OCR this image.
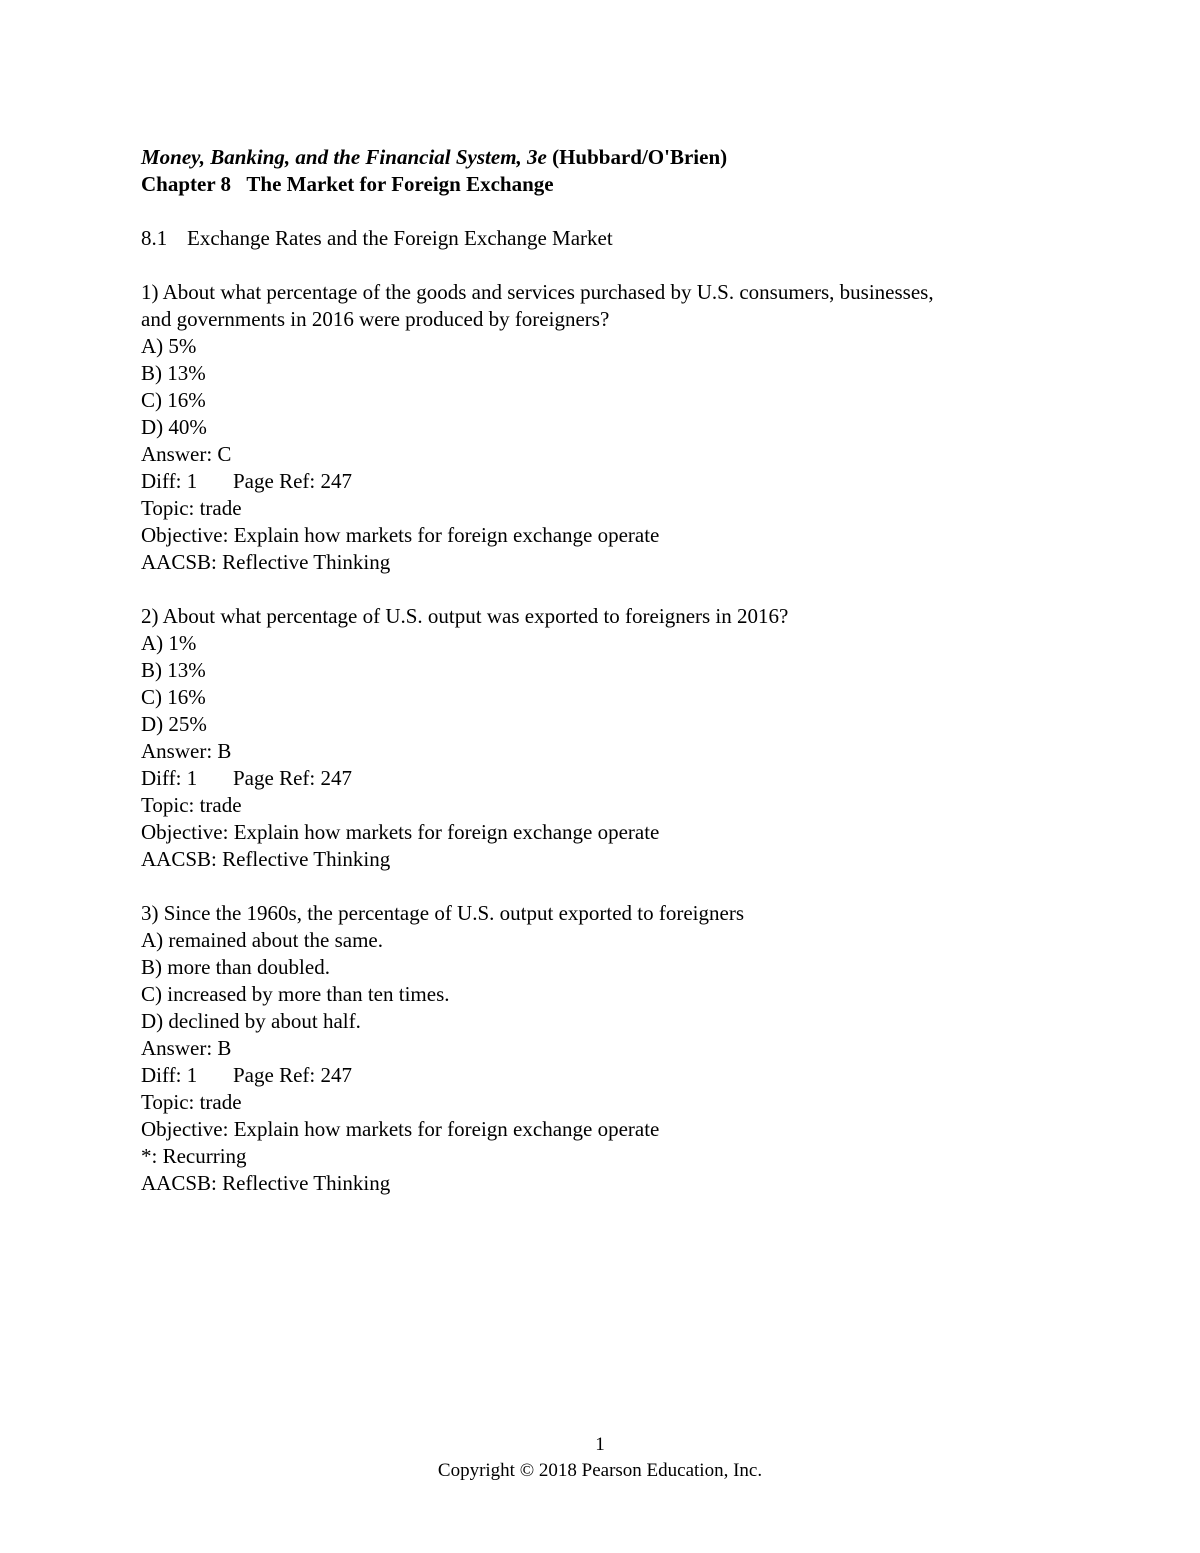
Money, Banking, and the Financial System, 3e (Hubbard/O'Brien)
Chapter 8 The Market for Foreign Exchange
8.1 Exchange Rates and the Foreign Exchange Market
1) About what percentage of the goods and services purchased by U.S. consumers, businesses,
and governments in 2016 were produced by foreigners?
A) 5%
B) 13%
C) 16%
D) 40%
Answer: C
Diff: 1 Page Ref: 247
Topic: trade
Objective: Explain how markets for foreign exchange operate
AACSB: Reflective Thinking
2) About what percentage of U.S. output was exported to foreigners in 2016?
A) 1%
B) 13%
C) 16%
D) 25%
Answer: B
Diff: 1 Page Ref: 247
Topic: trade
Objective: Explain how markets for foreign exchange operate
AACSB: Reflective Thinking
3) Since the 1960s, the percentage of U.S. output exported to foreigners
A) remained about the same.
B) more than doubled.
C) increased by more than ten times.
D) declined by about half.
Answer: B
Diff: 1 Page Ref: 247
Topic: trade
Objective: Explain how markets for foreign exchange operate
*: Recurring
AACSB: Reflective Thinking
1
Copyright © 2018 Pearson Education, Inc.
